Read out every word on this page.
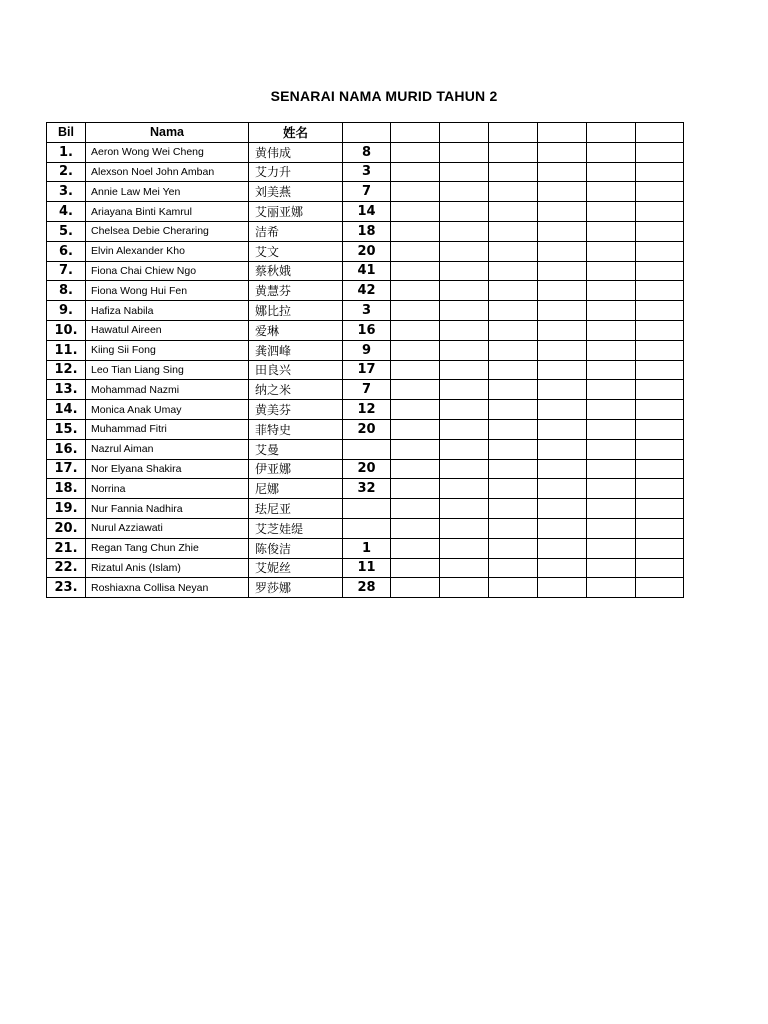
SENARAI NAMA MURID TAHUN 2
Bil	Nama	姓名							
1.	Aeron Wong Wei Cheng	黄伟成	8						
2.	Alexson Noel John Amban	艾力升	3						
3.	Annie Law Mei Yen	刘美燕	7						
4.	Ariayana Binti Kamrul	艾丽亚娜	14						
5.	Chelsea Debie Cheraring	洁希	18						
6.	Elvin Alexander Kho	艾文	20						
7.	Fiona Chai Chiew Ngo	蔡秋娥	41						
8.	Fiona Wong Hui Fen	黄慧芬	42						
9.	Hafiza Nabila	娜比拉	3						
10.	Hawatul Aireen	爱琳	16						
11.	Kiing Sii Fong	龚泗峰	9						
12.	Leo Tian Liang Sing	田良兴	17						
13.	Mohammad Nazmi	纳之米	7						
14.	Monica Anak Umay	黄美芬	12						
15.	Muhammad Fitri	菲特史	20						
16.	Nazrul Aiman	艾曼							
17.	Nor Elyana Shakira	伊亚娜	20						
18.	Norrina	尼娜	32						
19.	Nur Fannia Nadhira	珐尼亚							
20.	Nurul Azziawati	艾芝娃缇							
21.	Regan Tang Chun Zhie	陈俊洁	1						
22.	Rizatul Anis (Islam)	艾妮丝	11						
23.	Roshiaxna Collisa Neyan	罗莎娜	28						
